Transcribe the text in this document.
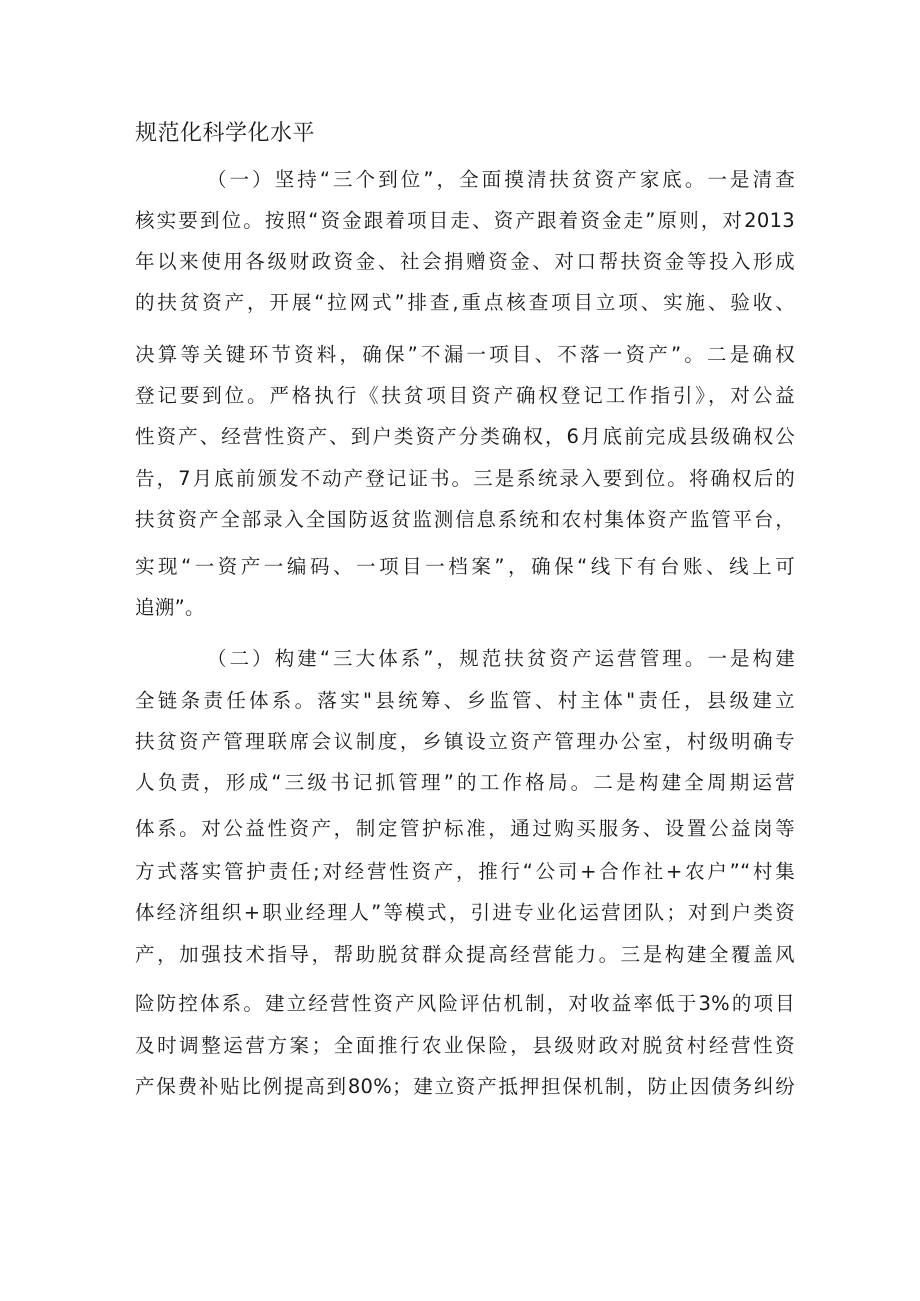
规范化科学化水平

（一）坚持“三个到位”，全面摸清扶贫资产家底。一是清查

核实要到位。按照“资金跟着项目走、资产跟着资金走”原则，对2013

年以来使用各级财政资金、社会捐赠资金、对口帮扶资金等投入形成

的扶贫资产，开展“拉网式”排查,重点核查项目立项、实施、验收、

决算等关键环节资料，确保”不漏一项目、不落一资产”。二是确权

登记要到位。严格执行《扶贫项目资产确权登记工作指引》，对公益

性资产、经营性资产、到户类资产分类确权，6月底前完成县级确权公

告，7月底前颁发不动产登记证书。三是系统录入要到位。将确权后的

扶贫资产全部录入全国防返贫监测信息系统和农村集体资产监管平台，

实现“一资产一编码、一项目一档案”，确保“线下有台账、线上可

追溯”。

（二）构建“三大体系”，规范扶贫资产运营管理。一是构建

全链条责任体系。落实"县统筹、乡监管、村主体"责任，县级建立

扶贫资产管理联席会议制度，乡镇设立资产管理办公室，村级明确专

人负责，形成“三级书记抓管理”的工作格局。二是构建全周期运营

体系。对公益性资产，制定管护标准，通过购买服务、设置公益岗等

方式落实管护责任;对经营性资产，推行“公司+合作社+农户”“村集

体经济组织+职业经理人”等模式，引进专业化运营团队；对到户类资

产，加强技术指导，帮助脱贫群众提高经营能力。三是构建全覆盖风

险防控体系。建立经营性资产风险评估机制，对收益率低于3%的项目

及时调整运营方案；全面推行农业保险，县级财政对脱贫村经营性资

产保费补贴比例提高到80%；建立资产抵押担保机制，防止因债务纠纷
